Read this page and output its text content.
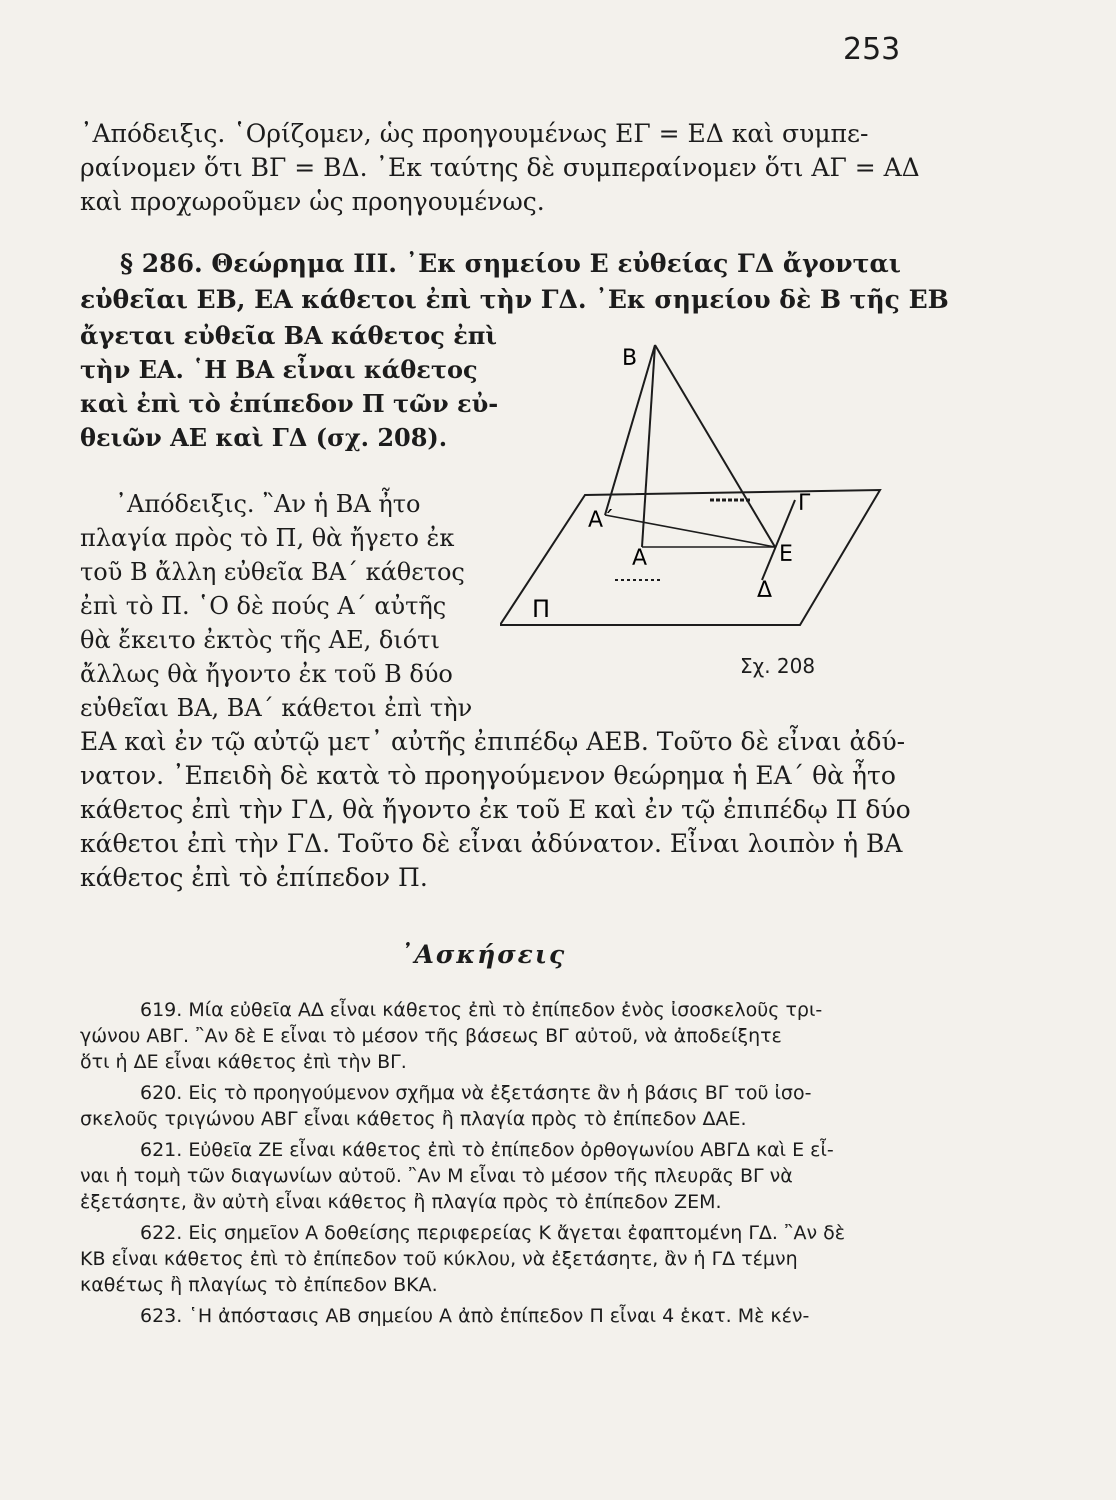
253
᾿Απόδειξις. ῾Ορίζομεν, ὡς προηγουμένως ΕΓ = ΕΔ καὶ συμπε-
ραίνομεν ὅτι ΒΓ = ΒΔ. ᾿Εκ ταύτης δὲ συμπεραίνομεν ὅτι ΑΓ = ΑΔ
καὶ προχωροῦμεν ὡς προηγουμένως.
§ 286. Θεώρημα III. ᾿Εκ σημείου Ε εὐθείας ΓΔ ἄγονται
εὐθεῖαι ΕΒ, ΕΑ κάθετοι ἐπὶ τὴν ΓΔ. ᾿Εκ σημείου δὲ Β τῆς ΕΒ
ἄγεται εὐθεῖα ΒΑ κάθετος ἐπὶ
τὴν ΕΑ. ῾Η ΒΑ εἶναι κάθετος
καὶ ἐπὶ τὸ ἐπίπεδον Π τῶν εὐ-
θειῶν ΑΕ καὶ ΓΔ (σχ. 208).
᾿Απόδειξις. ῍Αν ἡ ΒΑ ἦτο
πλαγία πρὸς τὸ Π, θὰ ἤγετο ἐκ
τοῦ Β ἄλλη εὐθεῖα ΒΑ΄ κάθετος
ἐπὶ τὸ Π. ῾Ο δὲ πούς Α΄ αὐτῆς
θὰ ἔκειτο ἐκτὸς τῆς ΑΕ, διότι
ἄλλως θὰ ἤγοντο ἐκ τοῦ Β δύο
εὐθεῖαι ΒΑ, ΒΑ΄ κάθετοι ἐπὶ τὴν
ΕΑ καὶ ἐν τῷ αὐτῷ μετ᾿ αὐτῆς ἐπιπέδῳ ΑΕΒ. Τοῦτο δὲ εἶναι ἀδύ-
νατον. ᾿Επειδὴ δὲ κατὰ τὸ προηγούμενον θεώρημα ἡ ΕΑ΄ θὰ ἦτο
κάθετος ἐπὶ τὴν ΓΔ, θὰ ἤγοντο ἐκ τοῦ Ε καὶ ἐν τῷ ἐπιπέδῳ Π δύο
κάθετοι ἐπὶ τὴν ΓΔ. Τοῦτο δὲ εἶναι ἀδύνατον. Εἶναι λοιπὸν ἡ ΒΑ
κάθετος ἐπὶ τὸ ἐπίπεδον Π.
Β
Α΄
Α
Γ
Ε
Δ
Π
Σχ. 208
᾿Ασκήσεις
619. Μία εὐθεῖα ΑΔ εἶναι κάθετος ἐπὶ τὸ ἐπίπεδον ἑνὸς ἰσοσκελοῦς τρι-
γώνου ΑΒΓ. ῍Αν δὲ Ε εἶναι τὸ μέσον τῆς βάσεως ΒΓ αὐτοῦ, νὰ ἀποδείξητε
ὅτι ἡ ΔΕ εἶναι κάθετος ἐπὶ τὴν ΒΓ.
620. Εἰς τὸ προηγούμενον σχῆμα νὰ ἐξετάσητε ἂν ἡ βάσις ΒΓ τοῦ ἰσο-
σκελοῦς τριγώνου ΑΒΓ εἶναι κάθετος ἢ πλαγία πρὸς τὸ ἐπίπεδον ΔΑΕ.
621. Εὐθεῖα ΖΕ εἶναι κάθετος ἐπὶ τὸ ἐπίπεδον ὀρθογωνίου ΑΒΓΔ καὶ Ε εἶ-
ναι ἡ τομὴ τῶν διαγωνίων αὐτοῦ. ῍Αν Μ εἶναι τὸ μέσον τῆς πλευρᾶς ΒΓ νὰ
ἐξετάσητε, ἂν αὐτὴ εἶναι κάθετος ἢ πλαγία πρὸς τὸ ἐπίπεδον ΖΕΜ.
622. Εἰς σημεῖον Α δοθείσης περιφερείας Κ ἄγεται ἐφαπτομένη ΓΔ. ῍Αν δὲ
ΚΒ εἶναι κάθετος ἐπὶ τὸ ἐπίπεδον τοῦ κύκλου, νὰ ἐξετάσητε, ἂν ἡ ΓΔ τέμνη
καθέτως ἢ πλαγίως τὸ ἐπίπεδον ΒΚΑ.
623. ῾Η ἀπόστασις ΑΒ σημείου Α ἀπὸ ἐπίπεδον Π εἶναι 4 ἑκατ. Μὲ κέν-
